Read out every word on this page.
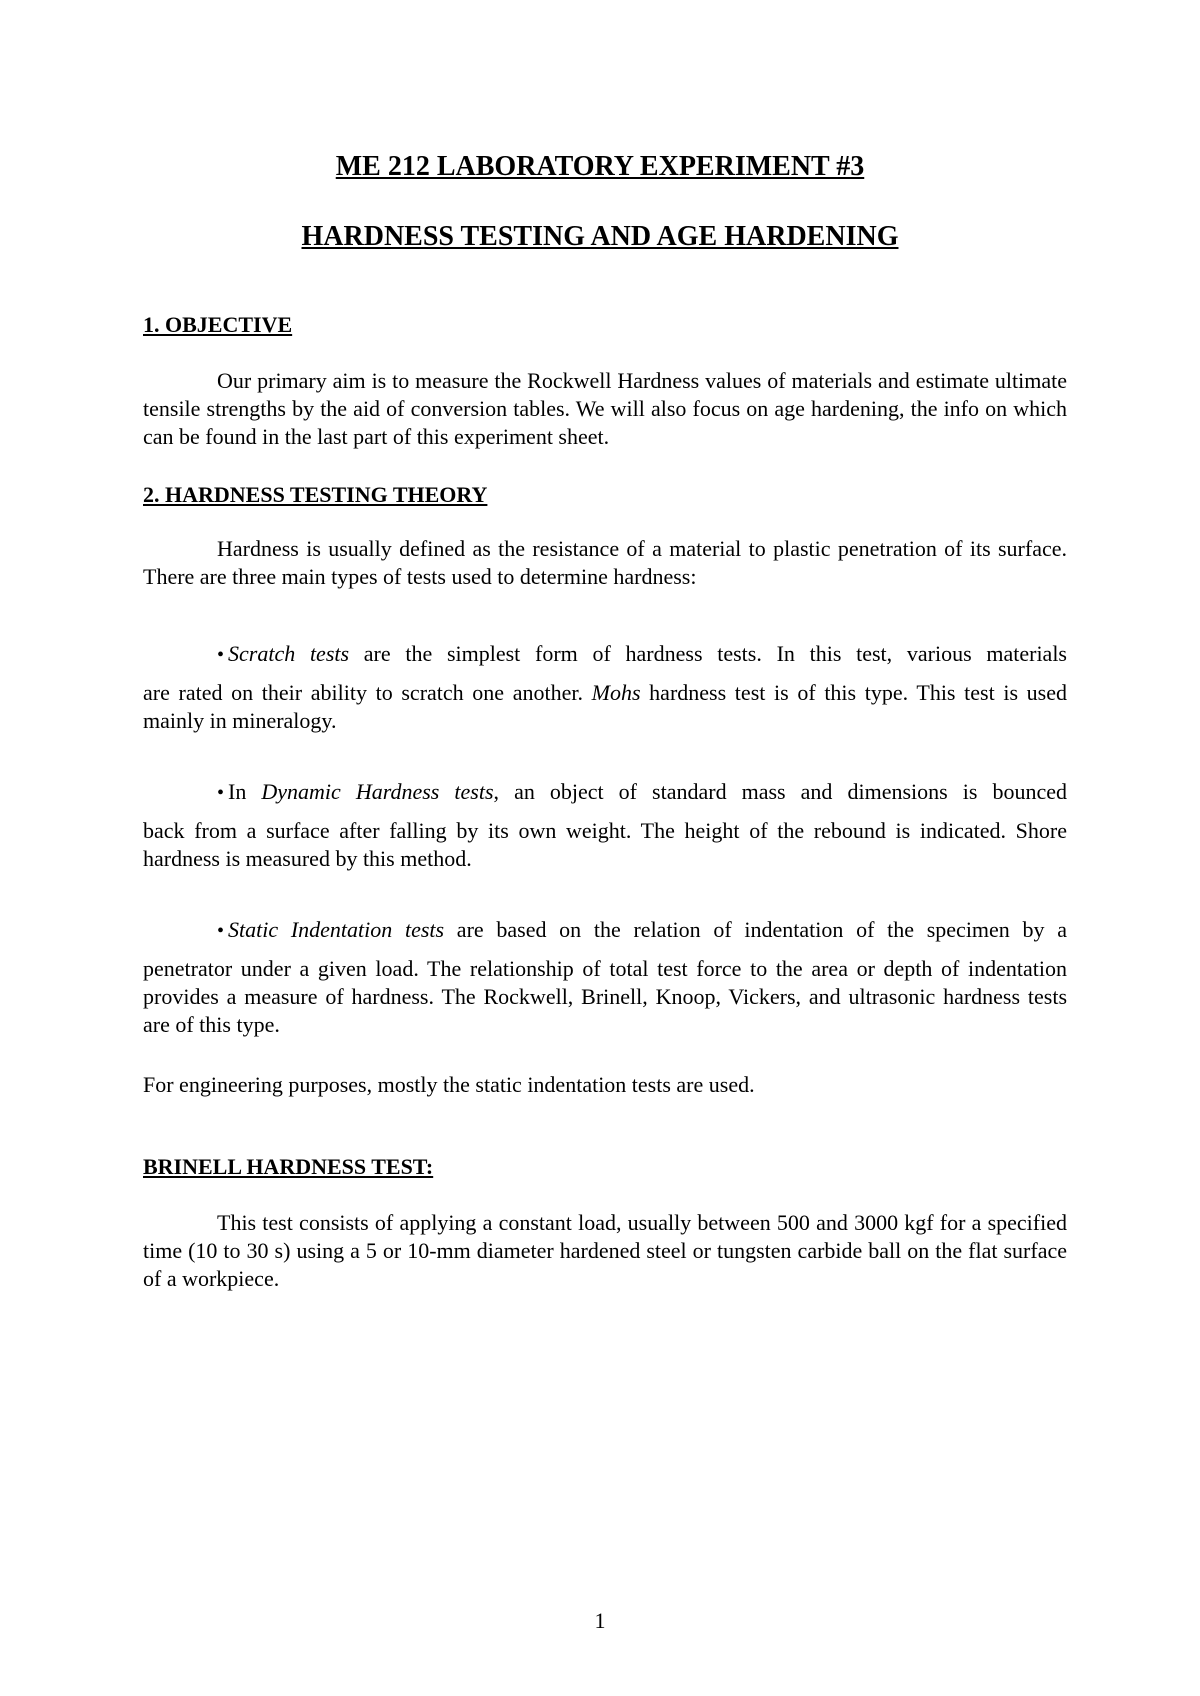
ME 212 LABORATORY EXPERIMENT #3
HARDNESS TESTING AND AGE HARDENING
1. OBJECTIVE
Our primary aim is to measure the Rockwell Hardness values of materials and estimate ultimate tensile strengths by the aid of conversion tables. We will also focus on age hardening, the info on which can be found in the last part of this experiment sheet.
2. HARDNESS TESTING THEORY
Hardness is usually defined as the resistance of a material to plastic penetration of its surface. There are three main types of tests used to determine hardness:
• Scratch tests are the simplest form of hardness tests. In this test, various materials
are rated on their ability to scratch one another. Mohs hardness test is of this type. This test is used mainly in mineralogy.
• In Dynamic Hardness tests, an object of standard mass and dimensions is bounced
back from a surface after falling by its own weight. The height of the rebound is indicated. Shore hardness is measured by this method.
• Static Indentation tests are based on the relation of indentation of the specimen by a
penetrator under a given load. The relationship of total test force to the area or depth of indentation provides a measure of hardness. The Rockwell, Brinell, Knoop, Vickers, and ultrasonic hardness tests are of this type.
For engineering purposes, mostly the static indentation tests are used.
BRINELL HARDNESS TEST:
This test consists of applying a constant load, usually between 500 and 3000 kgf for a specified time (10 to 30 s) using a 5 or 10-mm diameter hardened steel or tungsten carbide ball on the flat surface of a workpiece.
1
